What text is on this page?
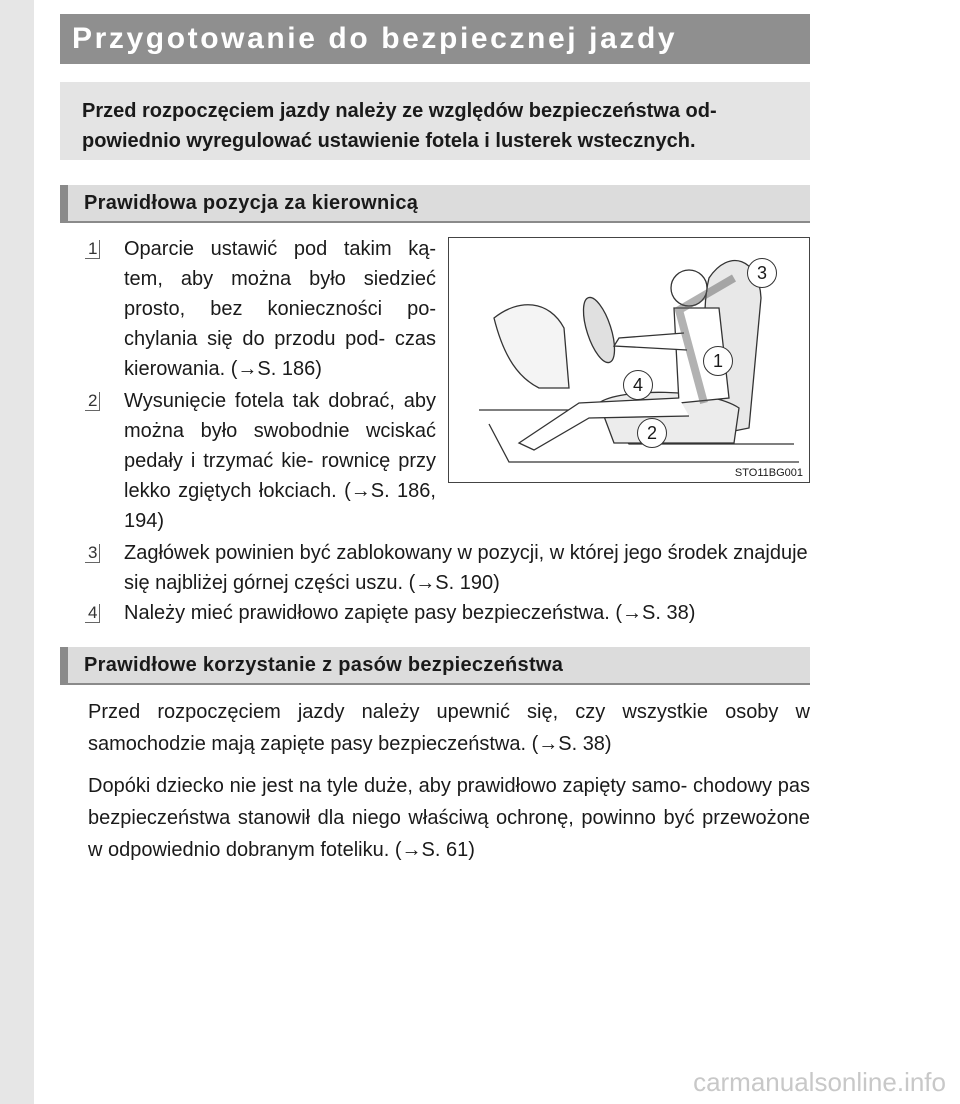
Przygotowanie do bezpiecznej jazdy
Przed rozpoczęciem jazdy należy ze względów bezpieczeństwa od- powiednio wyregulować ustawienie fotela i lusterek wstecznych.
Prawidłowa pozycja za kierownicą
1 Oparcie ustawić pod takim ką- tem, aby można było siedzieć prosto, bez konieczności po- chylania się do przodu pod- czas kierowania. (→S. 186)
2 Wysunięcie fotela tak dobrać, aby można było swobodnie wciskać pedały i trzymać kie- rownicę przy lekko zgiętych łokciach. (→S. 186, 194)
3 Zagłówek powinien być zablokowany w pozycji, w której jego środek znajduje się najbliżej górnej części uszu. (→S. 190)
4 Należy mieć prawidłowo zapięte pasy bezpieczeństwa. (→S. 38)
3
1
4
2
STO11BG001
Prawidłowe korzystanie z pasów bezpieczeństwa
Przed rozpoczęciem jazdy należy upewnić się, czy wszystkie osoby w samochodzie mają zapięte pasy bezpieczeństwa. (→S. 38)
Dopóki dziecko nie jest na tyle duże, aby prawidłowo zapięty samo- chodowy pas bezpieczeństwa stanowił dla niego właściwą ochronę, powinno być przewożone w odpowiednio dobranym foteliku. (→S. 61)
carmanualsonline.info
